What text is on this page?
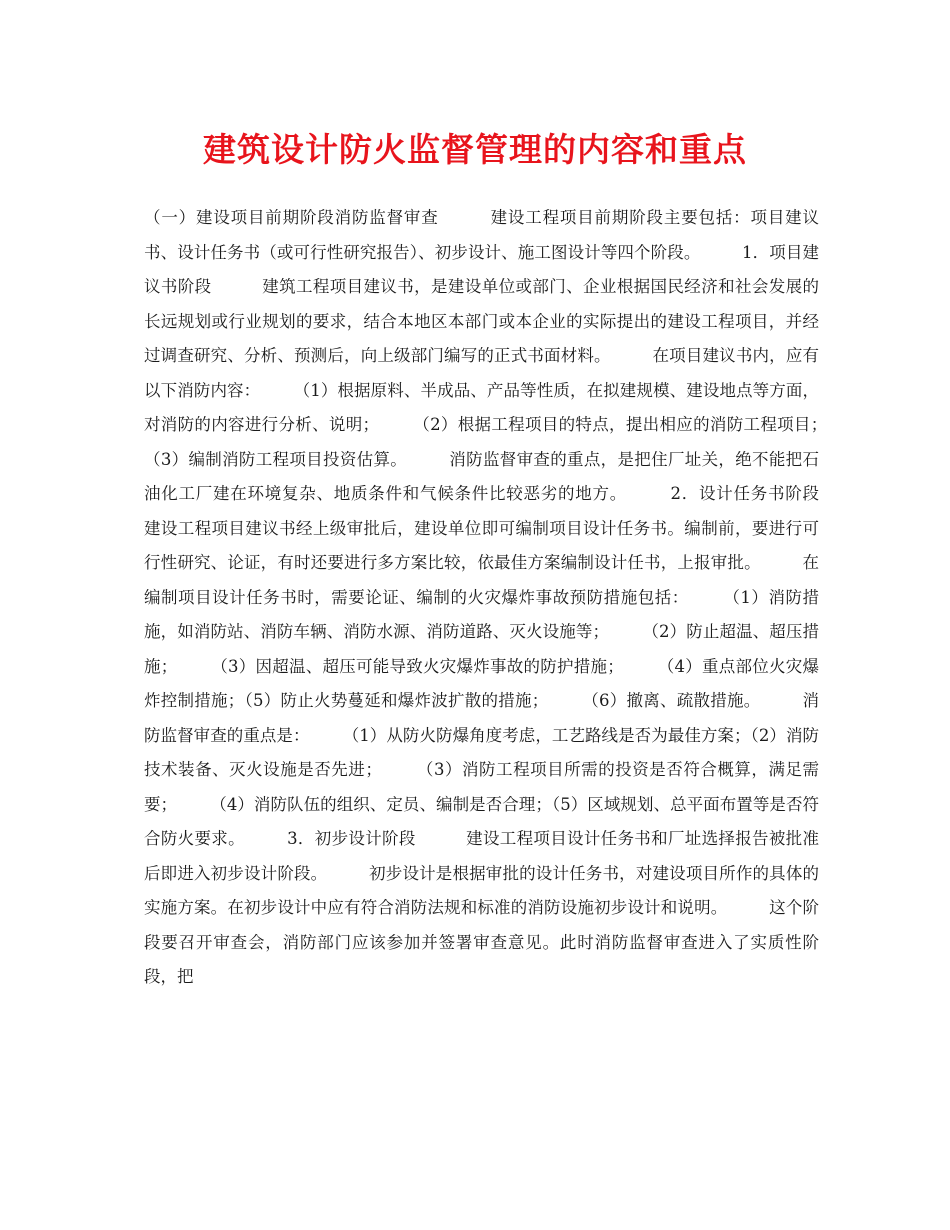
建筑设计防火监督管理的内容和重点

（一）建设项目前期阶段消防监督审查　　　建设工程项目前期阶段主要包括：项目建议书、设计任务书（或可行性研究报告）、初步设计、施工图设计等四个阶段。　　　1．项目建议书阶段　　　建筑工程项目建议书，是建设单位或部门、企业根据国民经济和社会发展的长远规划或行业规划的要求，结合本地区本部门或本企业的实际提出的建设工程项目，并经过调查研究、分析、预测后，向上级部门编写的正式书面材料。　　　在项目建议书内，应有以下消防内容：　　　（1）根据原料、半成品、产品等性质，在拟建规模、建设地点等方面，对消防的内容进行分析、说明；　　　（2）根据工程项目的特点，提出相应的消防工程项目；　　　（3）编制消防工程项目投资估算。　　　消防监督审查的重点，是把住厂址关，绝不能把石油化工厂建在环境复杂、地质条件和气候条件比较恶劣的地方。　　　2．设计任务书阶段　　　建设工程项目建议书经上级审批后，建设单位即可编制项目设计任务书。编制前，要进行可行性研究、论证，有时还要进行多方案比较，依最佳方案编制设计任书，上报审批。　　　在编制项目设计任务书时，需要论证、编制的火灾爆炸事故预防措施包括：　　　（1）消防措施，如消防站、消防车辆、消防水源、消防道路、灭火设施等；　　　（2）防止超温、超压措施；　　　（3）因超温、超压可能导致火灾爆炸事故的防护措施；　　　（4）重点部位火灾爆炸控制措施；（5）防止火势蔓延和爆炸波扩散的措施；　　　（6）撤离、疏散措施。　　　消防监督审查的重点是：　　　（1）从防火防爆角度考虑，工艺路线是否为最佳方案；（2）消防技术装备、灭火设施是否先进；　　　（3）消防工程项目所需的投资是否符合概算，满足需要；　　　（4）消防队伍的组织、定员、编制是否合理；（5）区域规划、总平面布置等是否符合防火要求。　　　3．初步设计阶段　　　建设工程项目设计任务书和厂址选择报告被批准后即进入初步设计阶段。　　　初步设计是根据审批的设计任务书，对建设项目所作的具体的实施方案。在初步设计中应有符合消防法规和标准的消防设施初步设计和说明。　　　这个阶段要召开审查会，消防部门应该参加并签署审查意见。此时消防监督审查进入了实质性阶段，把
